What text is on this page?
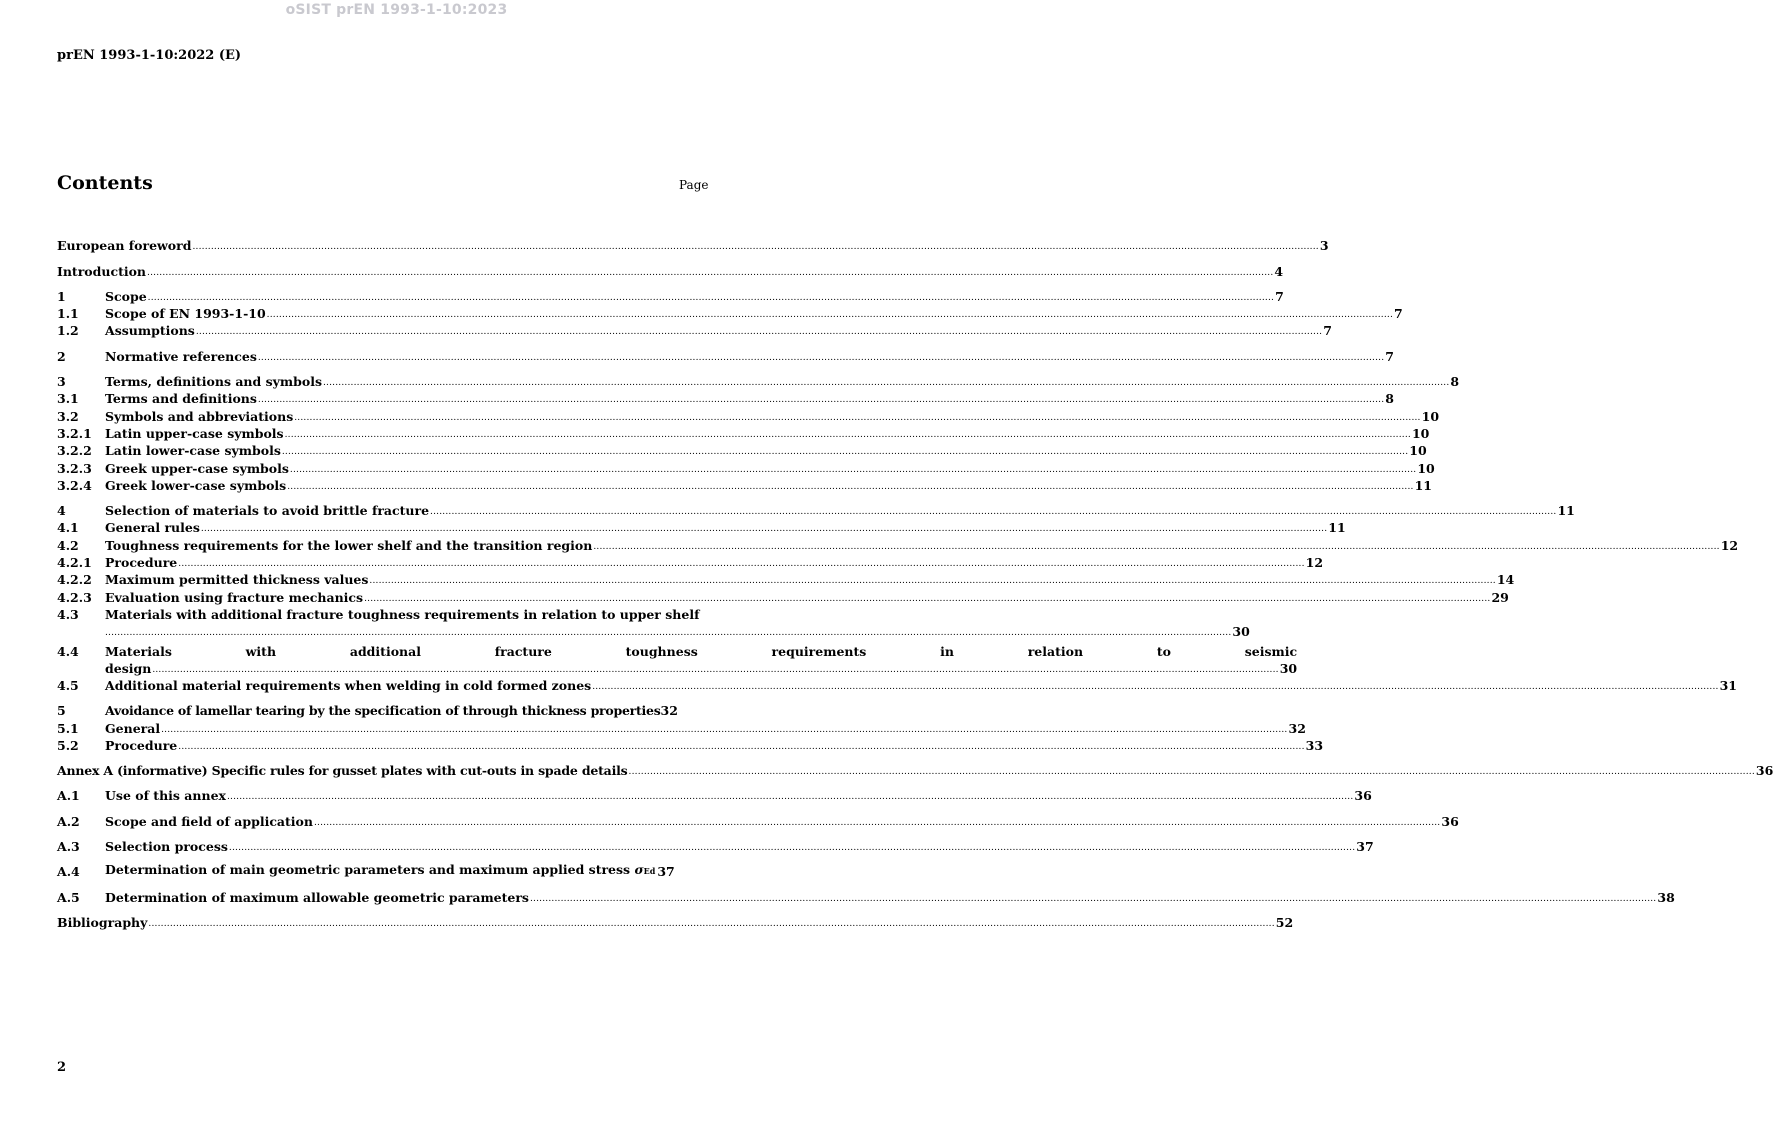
oSIST prEN 1993-1-10:2023
prEN 1993-1-10:2022 (E)
Contents	Page
European foreword ................................................................................................................................................................................................................................................................................................................................................................................ 3
Introduction ................................................................................................................................................................................................................................................................................................................................................................................ 4
1	Scope ................................................................................................................................................................................................................................................................................................................................................................................ 7
1.1	Scope of EN 1993-1-10 ................................................................................................................................................................................................................................................................................................................................................................................ 7
1.2	Assumptions ................................................................................................................................................................................................................................................................................................................................................................................ 7
2	Normative references ................................................................................................................................................................................................................................................................................................................................................................................ 7
3	Terms, definitions and symbols ................................................................................................................................................................................................................................................................................................................................................................................ 8
3.1	Terms and definitions ................................................................................................................................................................................................................................................................................................................................................................................ 8
3.2	Symbols and abbreviations ................................................................................................................................................................................................................................................................................................................................................................................ 10
3.2.1	Latin upper-case symbols ................................................................................................................................................................................................................................................................................................................................................................................ 10
3.2.2	Latin lower-case symbols ................................................................................................................................................................................................................................................................................................................................................................................ 10
3.2.3	Greek upper-case symbols ................................................................................................................................................................................................................................................................................................................................................................................ 10
3.2.4	Greek lower-case symbols ................................................................................................................................................................................................................................................................................................................................................................................ 11
4	Selection of materials to avoid brittle fracture ................................................................................................................................................................................................................................................................................................................................................................................ 11
4.1	General rules ................................................................................................................................................................................................................................................................................................................................................................................ 11
4.2	Toughness requirements for the lower shelf and the transition region ................................................................................................................................................................................................................................................................................................................................................................................ 12
4.2.1	Procedure ................................................................................................................................................................................................................................................................................................................................................................................ 12
4.2.2	Maximum permitted thickness values ................................................................................................................................................................................................................................................................................................................................................................................ 14
4.2.3	Evaluation using fracture mechanics ................................................................................................................................................................................................................................................................................................................................................................................ 29
4.3	Materials with additional fracture toughness requirements in relation to upper shelf
................................................................................................................................................................................................................................................................................................................................................................................ 30
4.4	Materials with additional fracture toughness requirements in relation to seismic
design ................................................................................................................................................................................................................................................................................................................................................................................ 30
4.5	Additional material requirements when welding in cold formed zones ................................................................................................................................................................................................................................................................................................................................................................................ 31
5	Avoidance of lamellar tearing by the specification of through thickness properties 32
5.1	General ................................................................................................................................................................................................................................................................................................................................................................................ 32
5.2	Procedure ................................................................................................................................................................................................................................................................................................................................................................................ 33
Annex A (informative) Specific rules for gusset plates with cut-outs in spade details ................................................................................................................................................................................................................................................................................................................................................................................ 36
A.1	Use of this annex ................................................................................................................................................................................................................................................................................................................................................................................ 36
A.2	Scope and field of application ................................................................................................................................................................................................................................................................................................................................................................................ 36
A.3	Selection process ................................................................................................................................................................................................................................................................................................................................................................................ 37
A.4	Determination of main geometric parameters and maximum applied stress σEd 37
A.5	Determination of maximum allowable geometric parameters ................................................................................................................................................................................................................................................................................................................................................................................ 38
Bibliography ................................................................................................................................................................................................................................................................................................................................................................................ 52
2
